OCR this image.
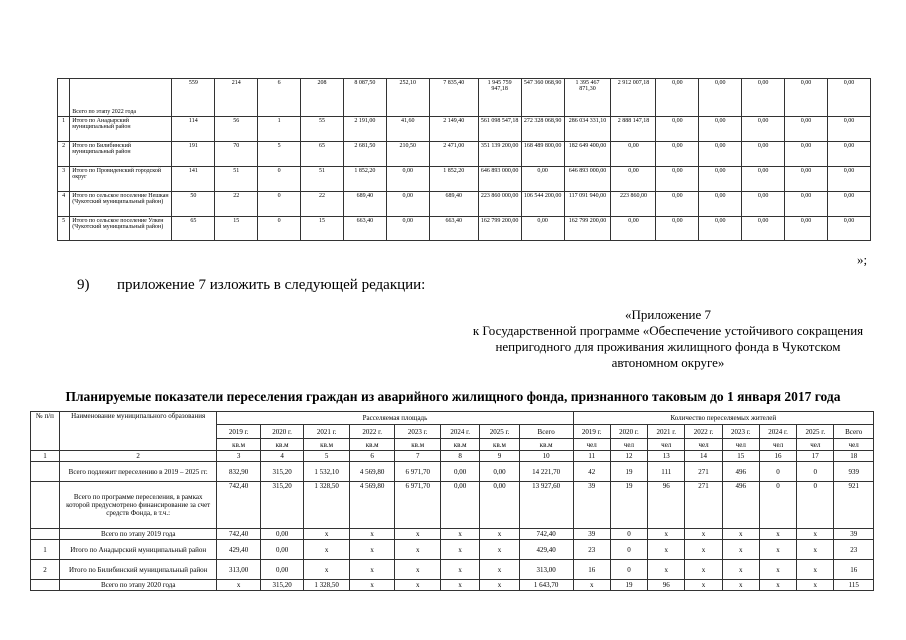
	Всего по этапу 2022 года	559	214	6	208	8 087,50	252,10	7 835,40	1 945 759 947,18	547 360 068,90	1 395 467 871,30	2 912 007,18	0,00	0,00	0,00	0,00	0,00
1	Итого по Анадырский муниципальный район	114	56	1	55	2 191,00	41,60	2 149,40	561 098 547,18	272 328 068,90	286 034 331,10	2 888 147,18	0,00	0,00	0,00	0,00	0,00
2	Итого по Билибинский муниципальный район	191	70	5	65	2 681,50	210,50	2 471,00	351 139 200,00	168 489 800,00	182 649 400,00	0,00	0,00	0,00	0,00	0,00	0,00
3	Итого по Провиденский городской округ	141	51	0	51	1 852,20	0,00	1 852,20	646 893 000,00	0,00	646 893 000,00	0,00	0,00	0,00	0,00	0,00	0,00
4	Итого по сельское поселение Нешкан (Чукотский муниципальный район)	50	22	0	22	689,40	0,00	689,40	223 860 000,00	106 544 200,00	117 091 940,00	223 860,00	0,00	0,00	0,00	0,00	0,00
5	Итого по сельское поселение Улкен (Чукотский муниципальный район)	65	15	0	15	663,40	0,00	663,40	162 799 200,00	0,00	162 799 200,00	0,00	0,00	0,00	0,00	0,00	0,00
»;
9) приложение 7 изложить в следующей редакции:
«Приложение 7
к Государственной программе «Обеспечение устойчивого сокращения
непригодного для проживания жилищного фонда в Чукотском
автономном округе»
Планируемые показатели переселения граждан из аварийного жилищного фонда, признанного таковым до 1 января 2017 года
№ п/п	Наименование муниципального образования	Расселяемая площадь								Количество переселяемых жителей							
		2019 г.	2020 г.	2021 г.	2022 г.	2023 г.	2024 г.	2025 г.	Всего	2019 г.	2020 г.	2021 г.	2022 г.	2023 г.	2024 г.	2025 г.	Всего
		кв.м	кв.м	кв.м	кв.м	кв.м	кв.м	кв.м	кв.м	чел	чел	чел	чел	чел	чел	чел	чел
1	2	3	4	5	6	7	8	9	10	11	12	13	14	15	16	17	18
	Всего подлежит переселению в 2019 – 2025 гг.	832,90	315,20	1 532,10	4 569,80	6 971,70	0,00	0,00	14 221,70	42	19	111	271	496	0	0	939
	Всего по программе переселения, в рамках которой предусмотрено финансирование за счет средств Фонда, в т.ч.:	742,40	315,20	1 328,50	4 569,80	6 971,70	0,00	0,00	13 927,60	39	19	96	271	496	0	0	921
	Всего по этапу 2019 года	742,40	0,00	x	x	x	x	x	742,40	39	0	x	x	x	x	x	39
1	Итого по Анадырский муниципальный район	429,40	0,00	x	x	x	x	x	429,40	23	0	x	x	x	x	x	23
2	Итого по Билибинский муниципальный район	313,00	0,00	x	x	x	x	x	313,00	16	0	x	x	x	x	x	16
	Всего по этапу 2020 года	x	315,20	1 328,50	x	x	x	x	1 643,70	x	19	96	x	x	x	x	115
